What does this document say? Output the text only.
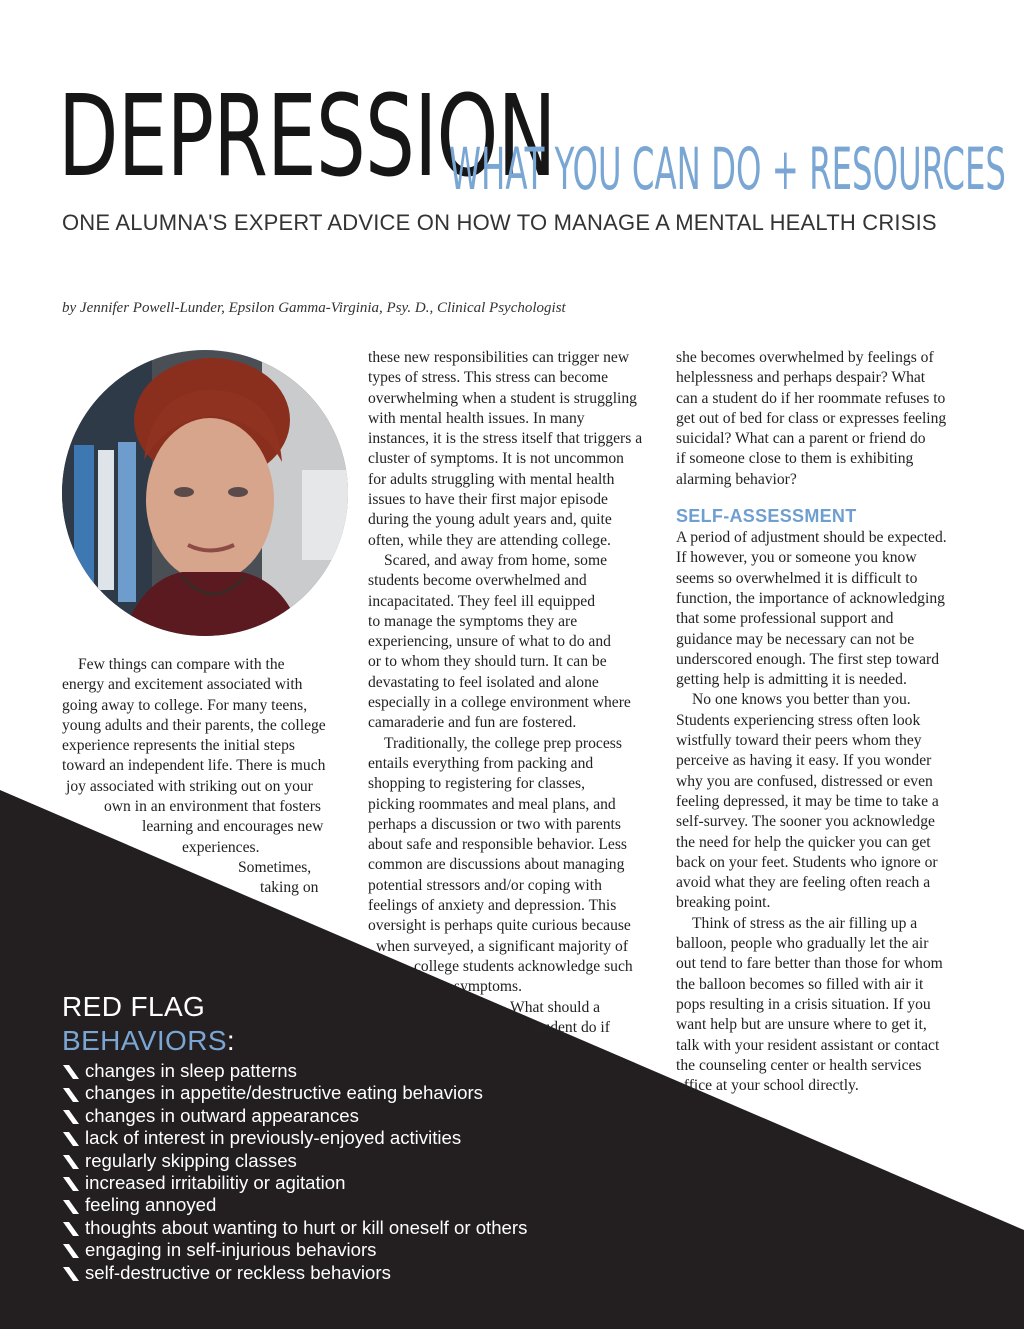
DEPRESSION
WHAT YOU CAN DO + RESOURCES
ONE ALUMNA'S EXPERT ADVICE ON HOW TO MANAGE A MENTAL HEALTH CRISIS
by Jennifer Powell-Lunder, Epsilon Gamma-Virginia, Psy. D., Clinical Psychologist
Few things can compare with the
energy and excitement associated with
going away to college. For many teens,
young adults and their parents, the college
experience represents the initial steps
toward an independent life. There is much
joy associated with striking out on your
own in an environment that fosters
learning and encourages new
experiences.
Sometimes,
taking on
these new responsibilities can trigger new
types of stress. This stress can become
overwhelming when a student is struggling
with mental health issues. In many
instances, it is the stress itself that triggers a
cluster of symptoms. It is not uncommon
for adults struggling with mental health
issues to have their first major episode
during the young adult years and, quite
often, while they are attending college.
Scared, and away from home, some
students become overwhelmed and
incapacitated. They feel ill equipped
to manage the symptoms they are
experiencing, unsure of what to do and
or to whom they should turn. It can be
devastating to feel isolated and alone
especially in a college environment where
camaraderie and fun are fostered.
Traditionally, the college prep process
entails everything from packing and
shopping to registering for classes,
picking roommates and meal plans, and
perhaps a discussion or two with parents
about safe and responsible behavior. Less
common are discussions about managing
potential stressors and/or coping with
feelings of anxiety and depression. This
oversight is perhaps quite curious because
when surveyed, a significant majority of
college students acknowledge such
symptoms.
What should a
student do if
she becomes overwhelmed by feelings of
helplessness and perhaps despair? What
can a student do if her roommate refuses to
get out of bed for class or expresses feeling
suicidal? What can a parent or friend do
if someone close to them is exhibiting
alarming behavior?
SELF-ASSESSMENT
A period of adjustment should be expected.
If however, you or someone you know
seems so overwhelmed it is difficult to
function, the importance of acknowledging
that some professional support and
guidance may be necessary can not be
underscored enough. The first step toward
getting help is admitting it is needed.
No one knows you better than you.
Students experiencing stress often look
wistfully toward their peers whom they
perceive as having it easy. If you wonder
why you are confused, distressed or even
feeling depressed, it may be time to take a
self-survey. The sooner you acknowledge
the need for help the quicker you can get
back on your feet. Students who ignore or
avoid what they are feeling often reach a
breaking point.
Think of stress as the air filling up a
balloon, people who gradually let the air
out tend to fare better than those for whom
the balloon becomes so filled with air it
pops resulting in a crisis situation. If you
want help but are unsure where to get it,
talk with your resident assistant or contact
the counseling center or health services
office at your school directly.
RED FLAG
BEHAVIORS:
changes in sleep patterns
changes in appetite/destructive eating behaviors
changes in outward appearances
lack of interest in previously-enjoyed activities
regularly skipping classes
increased irritabilitiy or agitation
feeling annoyed
thoughts about wanting to hurt or kill oneself or others
engaging in self-injurious behaviors
self-destructive or reckless behaviors
